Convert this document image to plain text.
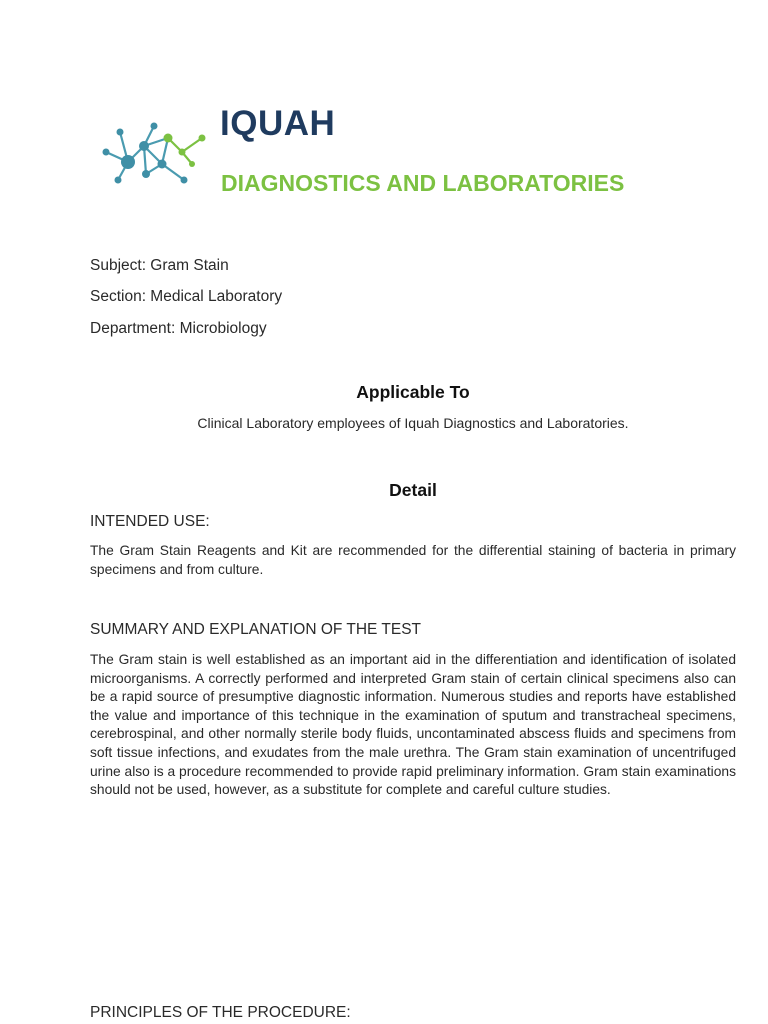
IQUAH
DIAGNOSTICS AND LABORATORIES
Subject: Gram Stain
Section: Medical Laboratory
Department: Microbiology
Applicable To
Clinical Laboratory employees of Iquah Diagnostics and Laboratories.
Detail
INTENDED USE:
The Gram Stain Reagents and Kit are recommended for the differential staining of bacteria in primary specimens and from culture.
SUMMARY AND EXPLANATION OF THE TEST
The Gram stain is well established as an important aid in the differentiation and identification of isolated microorganisms. A correctly performed and interpreted Gram stain of certain clinical specimens also can be a rapid source of presumptive diagnostic information. Numerous studies and reports have established the value and importance of this technique in the examination of sputum and transtracheal specimens, cerebrospinal, and other normally sterile body fluids, uncontaminated abscess fluids and specimens from soft tissue infections, and exudates from the male urethra. The Gram stain examination of uncentrifuged urine also is a procedure recommended to provide rapid preliminary information. Gram stain examinations should not be used, however, as a substitute for complete and careful culture studies.
PRINCIPLES OF THE PROCEDURE:
